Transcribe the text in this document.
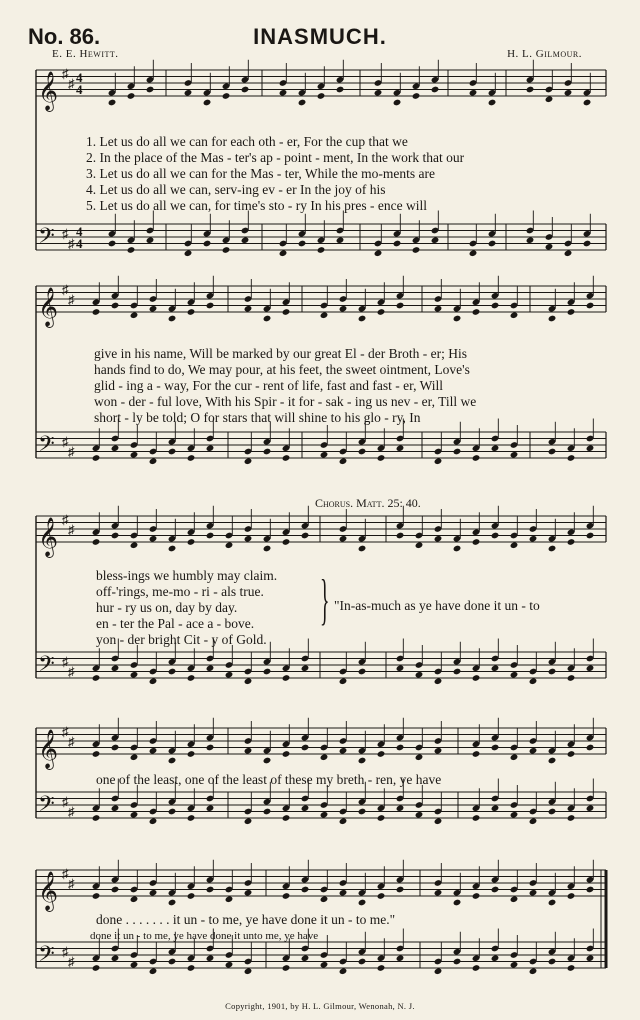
No. 86.	INASMUCH.
E. E. Hewitt.	H. L. Gilmour.
𝄞 ♯
♯
𝄢 ♯
♯
4
4
4
4
𝄞 ♯
♯
𝄢 ♯
♯
𝄞 ♯
♯
𝄢 ♯
♯
𝄞 ♯
♯
𝄢 ♯
♯
𝄞 ♯
♯
𝄢 ♯
♯
1. Let us do all we can for each oth - er, For the cup that we
2. In the place of the Mas - ter's ap - point - ment, In the work that our
3. Let us do all we can for the Mas - ter, While the mo-ments are
4. Let us do all we can, serv-ing ev - er In the joy of his
5. Let us do all we can, for time's sto - ry In his pres - ence will
give in his name, Will be marked by our great El - der Broth - er; His
hands find to do, We may pour, at his feet, the sweet ointment, Love's
glid - ing a - way, For the cur - rent of life, fast and fast - er, Will
won - der - ful love, With his Spir - it for - sak - ing us nev - er, Till we
short - ly be told; O for stars that will shine to his glo - ry, In
Chorus. Matt. 25: 40.
bless-ings we humbly may claim.
off-'rings, me-mo - ri - als true.
hur - ry us on, day by day.
en - ter the Pal - ace a - bove.
yon - der bright Cit - y of Gold.
} "In-as-much as ye have done it un - to
one of the least, one of the least of these my breth - ren, ye have
done . . . . . . . it un - to me, ye have done it un - to me."
done it un - to me, ye have done it unto me, ye have
Copyright, 1901, by H. L. Gilmour, Wenonah, N. J.
